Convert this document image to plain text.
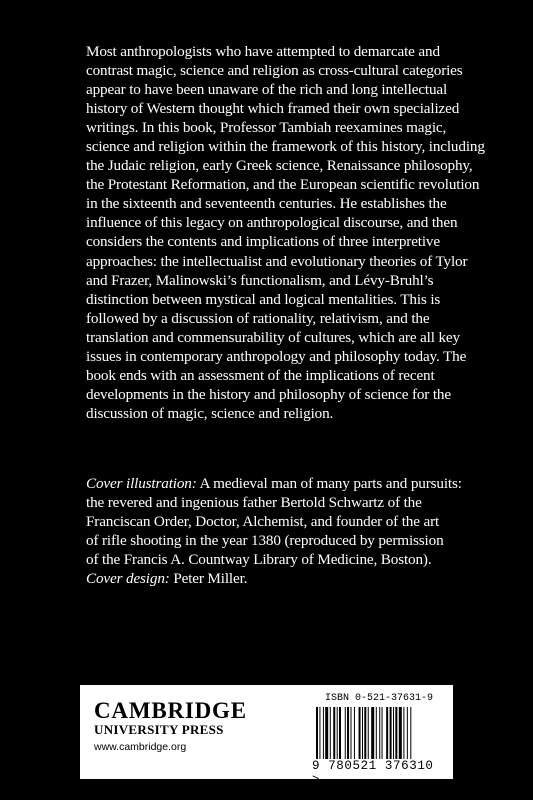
Most anthropologists who have attempted to demarcate and contrast magic, science and religion as cross-cultural categories appear to have been unaware of the rich and long intellectual history of Western thought which framed their own specialized writings. In this book, Professor Tambiah reexamines magic, science and religion within the framework of this history, including the Judaic religion, early Greek science, Renaissance philosophy, the Protestant Reformation, and the European scientific revolution in the sixteenth and seventeenth centuries. He establishes the influence of this legacy on anthropological discourse, and then considers the contents and implications of three interpretive approaches: the intellectualist and evolutionary theories of Tylor and Frazer, Malinowski’s functionalism, and Lévy-Bruhl’s distinction between mystical and logical mentalities. This is followed by a discussion of rationality, relativism, and the translation and commensurability of cultures, which are all key issues in contemporary anthropology and philosophy today. The book ends with an assessment of the implications of recent developments in the history and philosophy of science for the discussion of magic, science and religion.

Cover illustration: A medieval man of many parts and pursuits:
the revered and ingenious father Bertold Schwartz of the
Franciscan Order, Doctor, Alchemist, and founder of the art
of rifle shooting in the year 1380 (reproduced by permission
of the Francis A. Countway Library of Medicine, Boston).
Cover design: Peter Miller.
CAMBRIDGE
UNIVERSITY PRESS
www.cambridge.org
ISBN 0-521-37631-9
9 780521 376310 >
